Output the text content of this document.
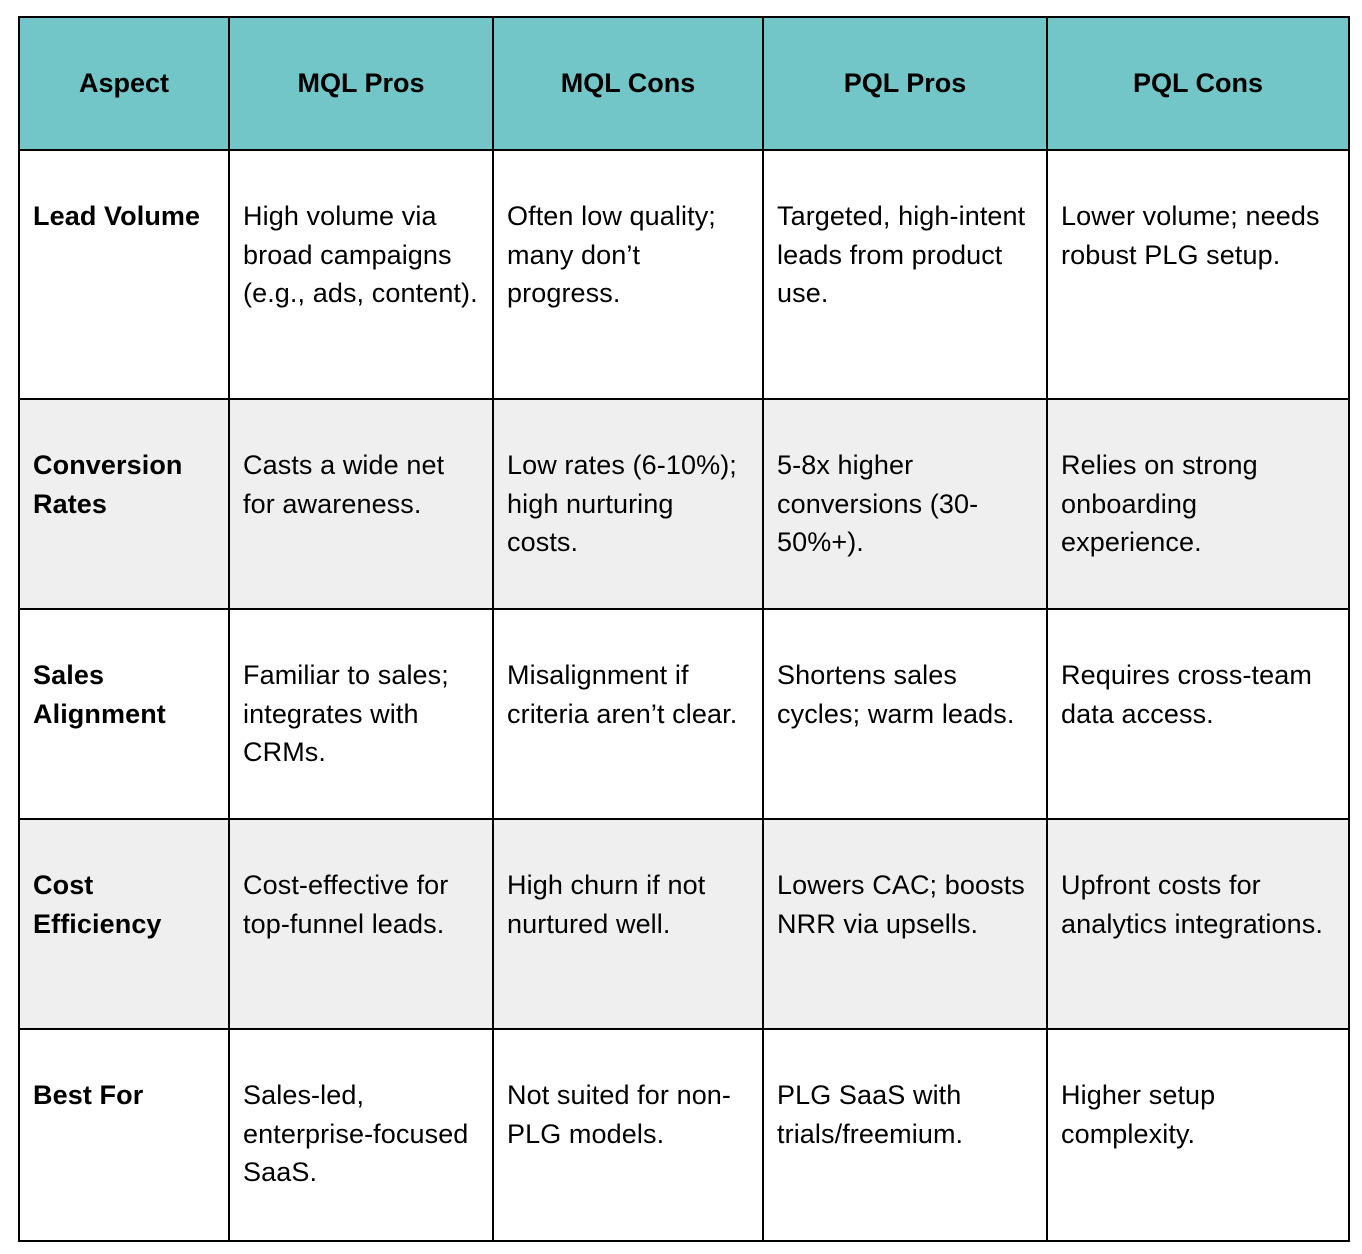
Aspect	MQL Pros	MQL Cons	PQL Pros	PQL Cons

Lead Volume	High volume via broad campaigns (e.g., ads, content).	Often low quality; many don’t progress.	Targeted, high-intent leads from product use.	Lower volume; needs robust PLG setup.

Conversion Rates	Casts a wide net for awareness.	Low rates (6-10%); high nurturing costs.	5-8x higher conversions (30-50%+).	Relies on strong onboarding experience.

Sales Alignment	Familiar to sales; integrates with CRMs.	Misalignment if criteria aren’t clear.	Shortens sales cycles; warm leads.	Requires cross-team data access.

Cost Efficiency	Cost-effective for top-funnel leads.	High churn if not nurtured well.	Lowers CAC; boosts NRR via upsells.	Upfront costs for analytics integrations.

Best For	Sales-led, enterprise-focused SaaS.	Not suited for non-PLG models.	PLG SaaS with trials/freemium.	Higher setup complexity.
